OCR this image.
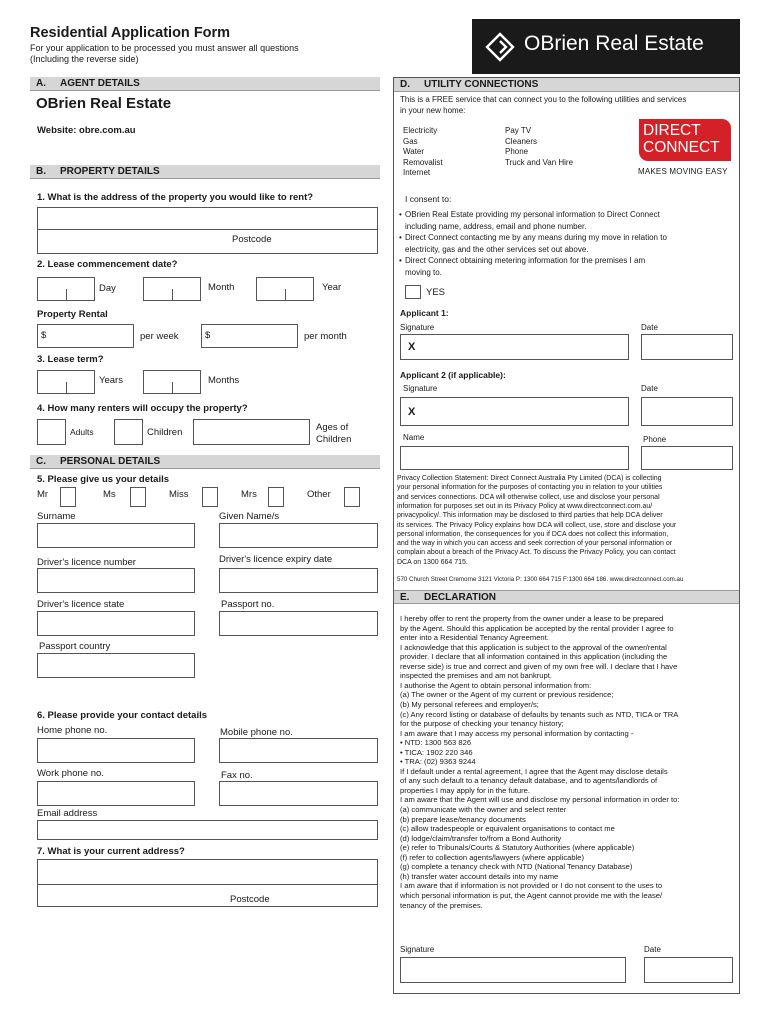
Residential Application Form
For your application to be processed you must answer all questions
(Including the reverse side)
OBrien Real Estate
A. AGENT DETAILS
OBrien Real Estate
Website: obre.com.au
B. PROPERTY DETAILS
1. What is the address of the property you would like to rent?
Postcode
2. Lease commencement date?
Day	Month	Year
Property Rental
$	per week	$	per month
3. Lease term?
Years	Months
4. How many renters will occupy the property?
Adults	Children	Ages of
Children
C. PERSONAL DETAILS
5. Please give us your details
Mr	Ms	Miss	Mrs	Other
Surname	Given Name/s
Driver's licence number	Driver's licence expiry date
Driver's licence state	Passport no.
Passport country
6. Please provide your contact details
Home phone no.	Mobile phone no.
Work phone no.	Fax no.
Email address
7. What is your current address?
Postcode
D. UTILITY CONNECTIONS
This is a FREE service that can connect you to the following utilities and services
in your new home:
Electricity
Gas
Water
Removalist
Internet
Pay TV
Cleaners
Phone
Truck and Van Hire
DIRECT
CONNECT
MAKES MOVING EASY
I consent to:
• OBrien Real Estate providing my personal information to Direct Connect
including name, address, email and phone number.
• Direct Connect contacting me by any means during my move in relation to
electricity, gas and the other services set out above.
• Direct Connect obtaining metering information for the premises I am
moving to.
YES
Applicant 1:
Signature	Date
X
Applicant 2 (if applicable):
Signature	Date
X
Name	Phone
Privacy Collection Statement: Direct Connect Australia Pty Limited (DCA) is collecting
your personal information for the purposes of contacting you in relation to your utilities
and services connections. DCA will otherwise collect, use and disclose your personal
information for purposes set out in its Privacy Policy at www.directconnect.com.au/
privacypolicy/. This information may be disclosed to third parties that help DCA deliver
its services. The Privacy Policy explains how DCA will collect, use, store and disclose your
personal information, the consequences for you if DCA does not collect this information,
and the way in which you can access and seek correction of your personal information or
complain about a breach of the Privacy Act. To discuss the Privacy Policy, you can contact
DCA on 1300 664 715.
570 Church Street Cremorne 3121 Victoria P: 1300 664 715 F:1300 664 186. www.directconnect.com.au
E. DECLARATION
I hereby offer to rent the property from the owner under a lease to be prepared
by the Agent. Should this application be accepted by the rental provider I agree to
enter into a Residential Tenancy Agreement.
I acknowledge that this application is subject to the approval of the owner/rental
provider. I declare that all information contained in this application (including the
reverse side) is true and correct and given of my own free will. I declare that I have
inspected the premises and am not bankrupt.
I authorise the Agent to obtain personal information from:
(a) The owner or the Agent of my current or previous residence;
(b) My personal referees and employer/s;
(c) Any record listing or database of defaults by tenants such as NTD, TICA or TRA
for the purpose of checking your tenancy history;
I am aware that I may access my personal information by contacting -
• NTD: 1300 563 826
• TICA: 1902 220 346
• TRA: (02) 9363 9244
If I default under a rental agreement, I agree that the Agent may disclose details
of any such default to a tenancy default database, and to agents/landlords of
properties I may apply for in the future.
I am aware that the Agent will use and disclose my personal information in order to:
(a) communicate with the owner and select renter
(b) prepare lease/tenancy documents
(c) allow tradespeople or equivalent organisations to contact me
(d) lodge/claim/transfer to/from a Bond Authority
(e) refer to Tribunals/Courts & Statutory Authorities (where applicable)
(f) refer to collection agents/lawyers (where applicable)
(g) complete a tenancy check with NTD (National Tenancy Database)
(h) transfer water account details into my name
I am aware that if information is not provided or I do not consent to the uses to
which personal information is put, the Agent cannot provide me with the lease/
tenancy of the premises.
Signature	Date
